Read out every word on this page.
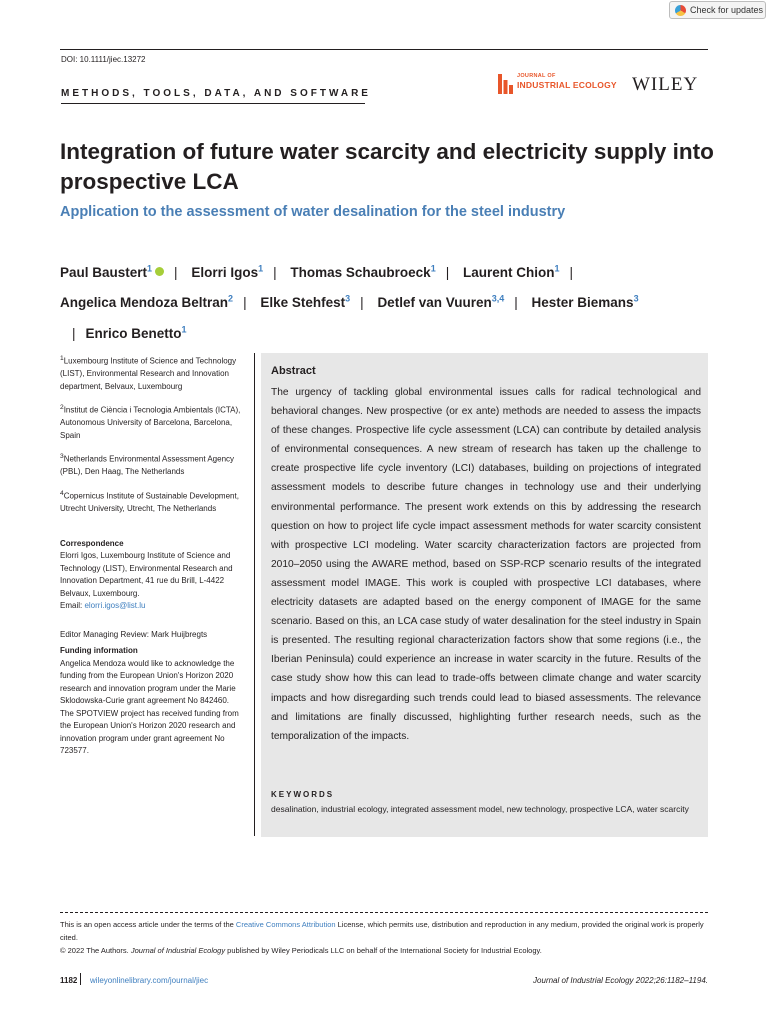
Check for updates
DOI: 10.1111/jiec.13272
METHODS, TOOLS, DATA, AND SOFTWARE
JOURNAL OF
INDUSTRIAL ECOLOGY WILEY
Integration of future water scarcity and electricity supply into prospective LCA
Application to the assessment of water desalination for the steel industry
Paul Baustert$^1$ | Elorri Igos$^1$ | Thomas Schaubroeck$^1$ | Laurent Chion$^1$ |
Angelica Mendoza Beltran$^2$ | Elke Stehfest$^3$ | Detlef van Vuuren$^{3,4}$ | Hester Biemans$^3$
| Enrico Benetto$^1$

$^1$Luxembourg Institute of Science and Technology (LIST), Environmental Research and Innovation department, Belvaux, Luxembourg

$^2$Institut de Ciència i Tecnologia Ambientals (ICTA), Autonomous University of Barcelona, Barcelona, Spain

$^3$Netherlands Environmental Assessment Agency (PBL), Den Haag, The Netherlands

$^4$Copernicus Institute of Sustainable Development, Utrecht University, Utrecht, The Netherlands

Correspondence
Elorri Igos, Luxembourg Institute of Science and Technology (LIST), Environmental Research and Innovation Department, 41 rue du Brill, L-4422 Belvaux, Luxembourg.
Email: elorri.igos@list.lu

Editor Managing Review: Mark Huijbregts

Funding information
Angelica Mendoza would like to acknowledge the funding from the European Union's Horizon 2020 research and innovation program under the Marie Sklodowska-Curie grant agreement No 842460. The SPOTVIEW project has received funding from the European Union's Horizon 2020 research and innovation program under grant agreement No 723577.

Abstract
The urgency of tackling global environmental issues calls for radical technological and behavioral changes. New prospective (or ex ante) methods are needed to assess the impacts of these changes. Prospective life cycle assessment (LCA) can contribute by detailed analysis of environmental consequences. A new stream of research has taken up the challenge to create prospective life cycle inventory (LCI) databases, building on projections of integrated assessment models to describe future changes in technology use and their underlying environmental performance. The present work extends on this by addressing the research question on how to project life cycle impact assessment methods for water scarcity consistent with prospective LCI modeling. Water scarcity characterization factors are projected from 2010–2050 using the AWARE method, based on SSP-RCP scenario results of the integrated assessment model IMAGE. This work is coupled with prospective LCI databases, where electricity datasets are adapted based on the energy component of IMAGE for the same scenario. Based on this, an LCA case study of water desalination for the steel industry in Spain is presented. The resulting regional characterization factors show that some regions (i.e., the Iberian Peninsula) could experience an increase in water scarcity in the future. Results of the case study show how this can lead to trade-offs between climate change and water scarcity impacts and how disregarding such trends could lead to biased assessments. The relevance and limitations are finally discussed, highlighting further research needs, such as the temporalization of the impacts.
KEYWORDS
desalination, industrial ecology, integrated assessment model, new technology, prospective LCA, water scarcity
This is an open access article under the terms of the Creative Commons Attribution License, which permits use, distribution and reproduction in any medium, provided the original work is properly cited.
© 2022 The Authors. Journal of Industrial Ecology published by Wiley Periodicals LLC on behalf of the International Society for Industrial Ecology.
1182 wileyonlinelibrary.com/journal/jiec	Journal of Industrial Ecology 2022;26:1182–1194.
